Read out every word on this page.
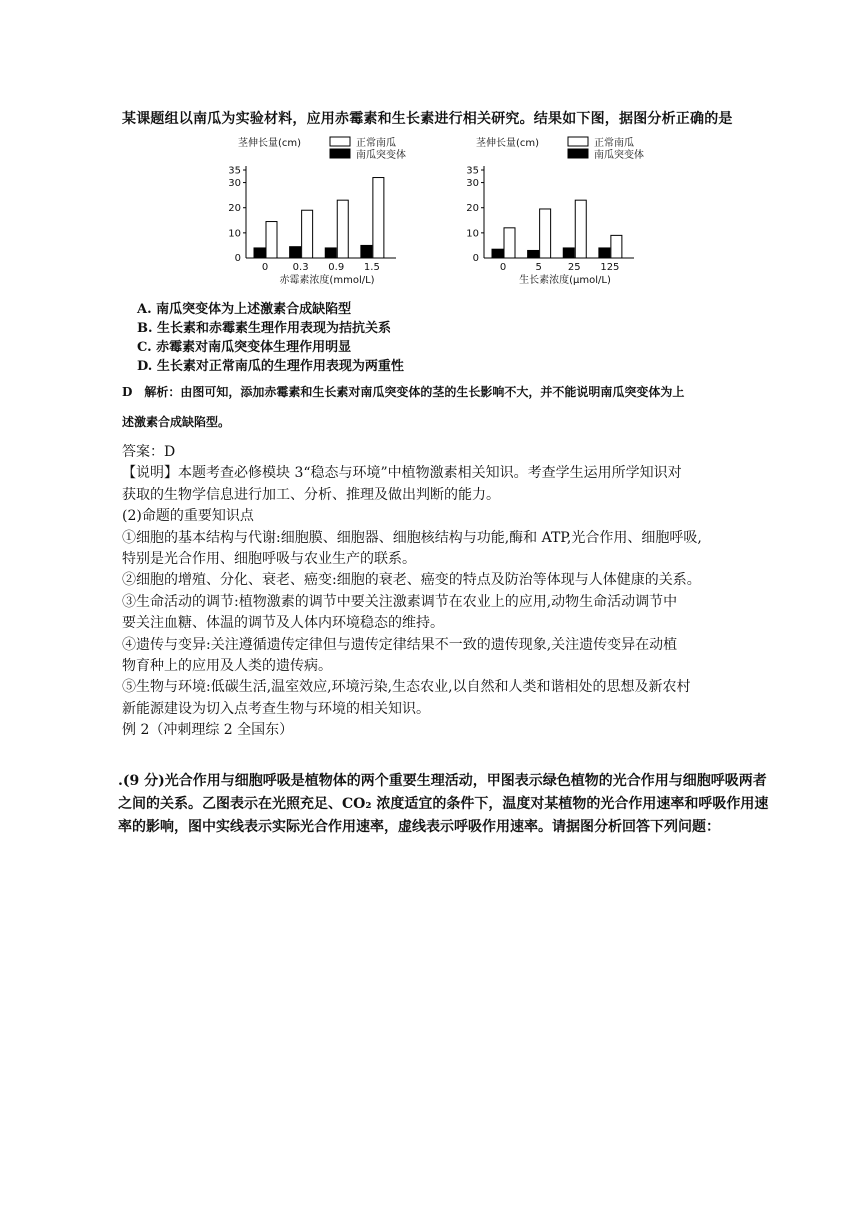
某课题组以南瓜为实验材料，应用赤霉素和生长素进行相关研究。结果如下图，据图分析正确的是
茎伸长量(cm)
0
10
20
30
35
正常南瓜
南瓜突变体
0 0.3 0.9 1.5
赤霉素浓度(mmol/L)
茎伸长量(cm)
0
10
20
30
35
正常南瓜
南瓜突变体
0	5	25 125
生长素浓度(μmol/L)
A. 南瓜突变体为上述激素合成缺陷型
B. 生长素和赤霉素生理作用表现为拮抗关系
C. 赤霉素对南瓜突变体生理作用明显
D. 生长素对正常南瓜的生理作用表现为两重性
D　解析：由图可知，添加赤霉素和生长素对南瓜突变体的茎的生长影响不大，并不能说明南瓜突变体为上
述激素合成缺陷型。

答案：D

【说明】本题考查必修模块 3“稳态与环境”中植物激素相关知识。考查学生运用所学知识对

获取的生物学信息进行加工、分析、推理及做出判断的能力。

(2)命题的重要知识点

①细胞的基本结构与代谢:细胞膜、细胞器、细胞核结构与功能,酶和 ATP,光合作用、细胞呼吸,

特别是光合作用、细胞呼吸与农业生产的联系。

②细胞的增殖、分化、衰老、癌变:细胞的衰老、癌变的特点及防治等体现与人体健康的关系。

③生命活动的调节:植物激素的调节中要关注激素调节在农业上的应用,动物生命活动调节中

要关注血糖、体温的调节及人体内环境稳态的维持。

④遗传与变异:关注遵循遗传定律但与遗传定律结果不一致的遗传现象,关注遗传变异在动植

物育种上的应用及人类的遗传病。

⑤生物与环境:低碳生活,温室效应,环境污染,生态农业,以自然和人类和谐相处的思想及新农村

新能源建设为切入点考查生物与环境的相关知识。

例 2（冲刺理综 2 全国东）

.(9 分)光合作用与细胞呼吸是植物体的两个重要生理活动，甲图表示绿色植物的光合作用与细胞呼吸两者

之间的关系。乙图表示在光照充足、CO₂ 浓度适宜的条件下，温度对某植物的光合作用速率和呼吸作用速

率的影响，图中实线表示实际光合作用速率，虚线表示呼吸作用速率。请据图分析回答下列问题：
